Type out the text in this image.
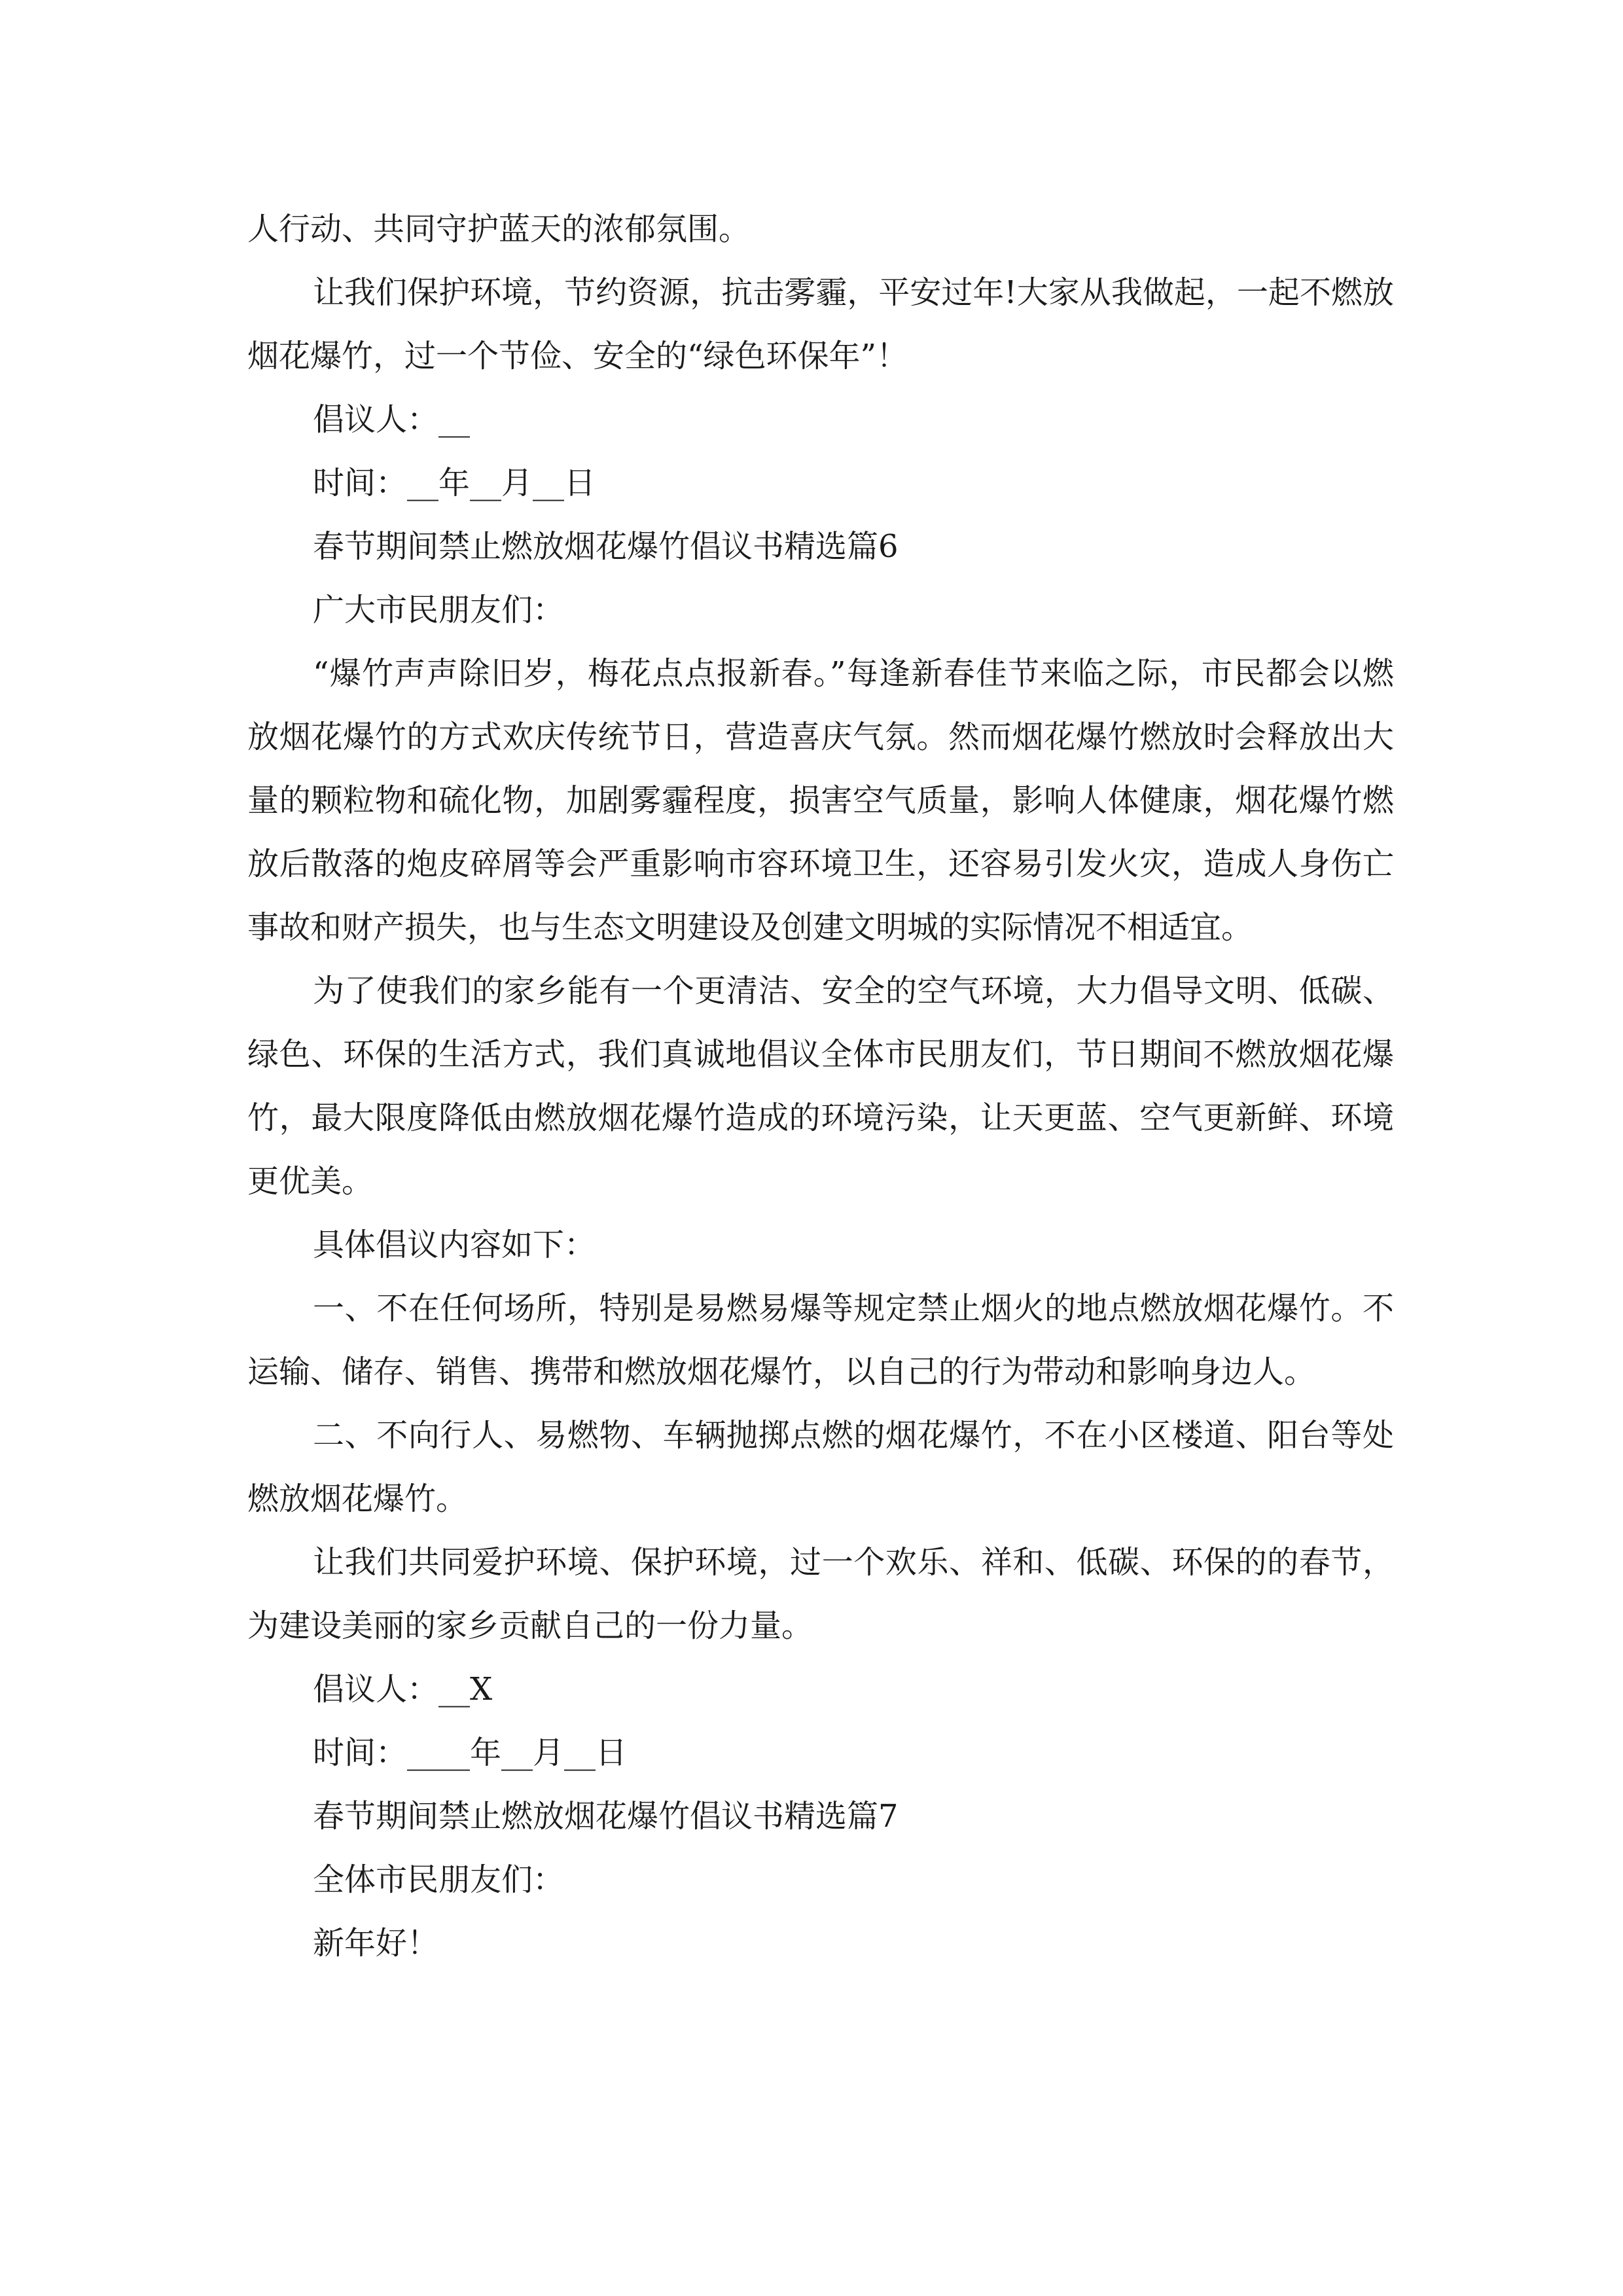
人行动、共同守护蓝天的浓郁氛围。

让我们保护环境，节约资源，抗击雾霾，平安过年!大家从我做起，一起不燃放烟花爆竹，过一个节俭、安全的“绿色环保年”！

倡议人：__

时间：__年__月__日

春节期间禁止燃放烟花爆竹倡议书精选篇6

广大市民朋友们：

“爆竹声声除旧岁，梅花点点报新春。”每逢新春佳节来临之际，市民都会以燃放烟花爆竹的方式欢庆传统节日，营造喜庆气氛。然而烟花爆竹燃放时会释放出大量的颗粒物和硫化物，加剧雾霾程度，损害空气质量，影响人体健康，烟花爆竹燃放后散落的炮皮碎屑等会严重影响市容环境卫生，还容易引发火灾，造成人身伤亡事故和财产损失，也与生态文明建设及创建文明城的实际情况不相适宜。

为了使我们的家乡能有一个更清洁、安全的空气环境，大力倡导文明、低碳、绿色、环保的生活方式，我们真诚地倡议全体市民朋友们，节日期间不燃放烟花爆竹，最大限度降低由燃放烟花爆竹造成的环境污染，让天更蓝、空气更新鲜、环境更优美。

具体倡议内容如下：

一、不在任何场所，特别是易燃易爆等规定禁止烟火的地点燃放烟花爆竹。不运输、储存、销售、携带和燃放烟花爆竹，以自己的行为带动和影响身边人。

二、不向行人、易燃物、车辆抛掷点燃的烟花爆竹，不在小区楼道、阳台等处燃放烟花爆竹。

让我们共同爱护环境、保护环境，过一个欢乐、祥和、低碳、环保的的春节，为建设美丽的家乡贡献自己的一份力量。

倡议人：__X

时间：____年__月__日

春节期间禁止燃放烟花爆竹倡议书精选篇7

全体市民朋友们：

新年好！
